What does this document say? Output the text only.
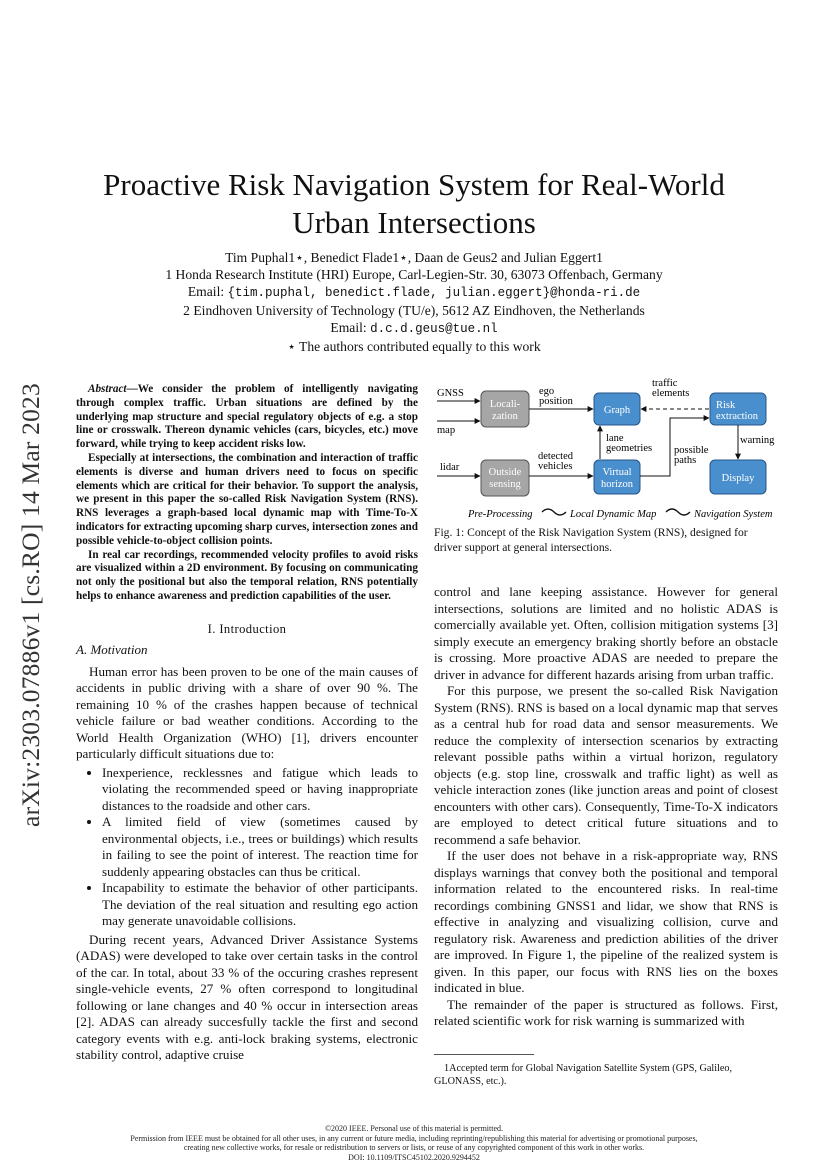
Proactive Risk Navigation System for Real-World
Urban Intersections
Tim Puphal1⋆, Benedict Flade1⋆, Daan de Geus2 and Julian Eggert1
1 Honda Research Institute (HRI) Europe, Carl-Legien-Str. 30, 63073 Offenbach, Germany
Email: {tim.puphal, benedict.flade, julian.eggert}@honda-ri.de
2 Eindhoven University of Technology (TU/e), 5612 AZ Eindhoven, the Netherlands
Email: d.c.d.geus@tue.nl
⋆ The authors contributed equally to this work
arXiv:2303.07886v1 [cs.RO] 14 Mar 2023	Abstract—We consider the problem of intelligently navigating through complex traffic. Urban situations are defined by the underlying map structure and special regulatory objects of e.g. a stop line or crosswalk. Thereon dynamic vehicles (cars, bicycles, etc.) move forward, while trying to keep accident risks low.

Especially at intersections, the combination and interaction of traffic elements is diverse and human drivers need to focus on specific elements which are critical for their behavior. To support the analysis, we present in this paper the so-called Risk Navigation System (RNS). RNS leverages a graph-based local dynamic map with Time-To-X indicators for extracting upcoming sharp curves, intersection zones and possible vehicle-to-object collision points.

In real car recordings, recommended velocity profiles to avoid risks are visualized within a 2D environment. By focusing on communicating not only the positional but also the temporal relation, RNS potentially helps to enhance awareness and prediction capabilities of the user.

I. Introduction
A. Motivation

Human error has been proven to be one of the main causes of accidents in public driving with a share of over 90 %. The remaining 10 % of the crashes happen because of technical vehicle failure or bad weather conditions. According to the World Health Organization (WHO) [1], drivers encounter particularly difficult situations due to:

• Inexperience, recklessnes and fatigue which leads to violating the recommended speed or having inappropriate distances to the roadside and other cars.
• A limited field of view (sometimes caused by environmental objects, i.e., trees or buildings) which results in failing to see the point of interest. The reaction time for suddenly appearing obstacles can thus be critical.
• Incapability to estimate the behavior of other participants. The deviation of the real situation and resulting ego action may generate unavoidable collisions.

During recent years, Advanced Driver Assistance Systems (ADAS) were developed to take over certain tasks in the control of the car. In total, about 33 % of the occuring crashes represent single-vehicle events, 27 % often correspond to longitudinal following or lane changes and 40 % occur in intersection areas [2]. ADAS can already succesfully tackle the first and second category events with e.g. anti-lock braking systems, electronic stability control, adaptive cruise

Locali-
zation
Outside
sensing
Graph
Virtual
horizon
Risk
extraction
Display
GNSS
map
lidar
ego
position
detected
vehicles
lane
geometries
traffic
elements
possible
paths
warning
Pre-Processing	Local Dynamic Map	Navigation System
Fig. 1: Concept of the Risk Navigation System (RNS), designed for driver support at general intersections.

control and lane keeping assistance. However for general intersections, solutions are limited and no holistic ADAS is comercially available yet. Often, collision mitigation systems [3] simply execute an emergency braking shortly before an obstacle is crossing. More proactive ADAS are needed to prepare the driver in advance for different hazards arising from urban traffic.

For this purpose, we present the so-called Risk Navigation System (RNS). RNS is based on a local dynamic map that serves as a central hub for road data and sensor measurements. We reduce the complexity of intersection scenarios by extracting relevant possible paths within a virtual horizon, regulatory objects (e.g. stop line, crosswalk and traffic light) as well as vehicle interaction zones (like junction areas and point of closest encounters with other cars). Consequently, Time-To-X indicators are employed to detect critical future situations and to recommend a safe behavior.

If the user does not behave in a risk-appropriate way, RNS displays warnings that convey both the positional and temporal information related to the encountered risks. In real-time recordings combining GNSS1 and lidar, we show that RNS is effective in analyzing and visualizing collision, curve and regulatory risk. Awareness and prediction abilities of the driver are improved. In Figure 1, the pipeline of the realized system is given. In this paper, our focus with RNS lies on the boxes indicated in blue.

The remainder of the paper is structured as follows. First, related scientific work for risk warning is summarized with

1Accepted term for Global Navigation Satellite System (GPS, Galileo, GLONASS, etc.).
©2020 IEEE. Personal use of this material is permitted.
Permission from IEEE must be obtained for all other uses, in any current or future media, including reprinting/republishing this material for advertising or promotional purposes,
creating new collective works, for resale or redistribution to servers or lists, or reuse of any copyrighted component of this work in other works.
DOI: 10.1109/ITSC45102.2020.9294452
